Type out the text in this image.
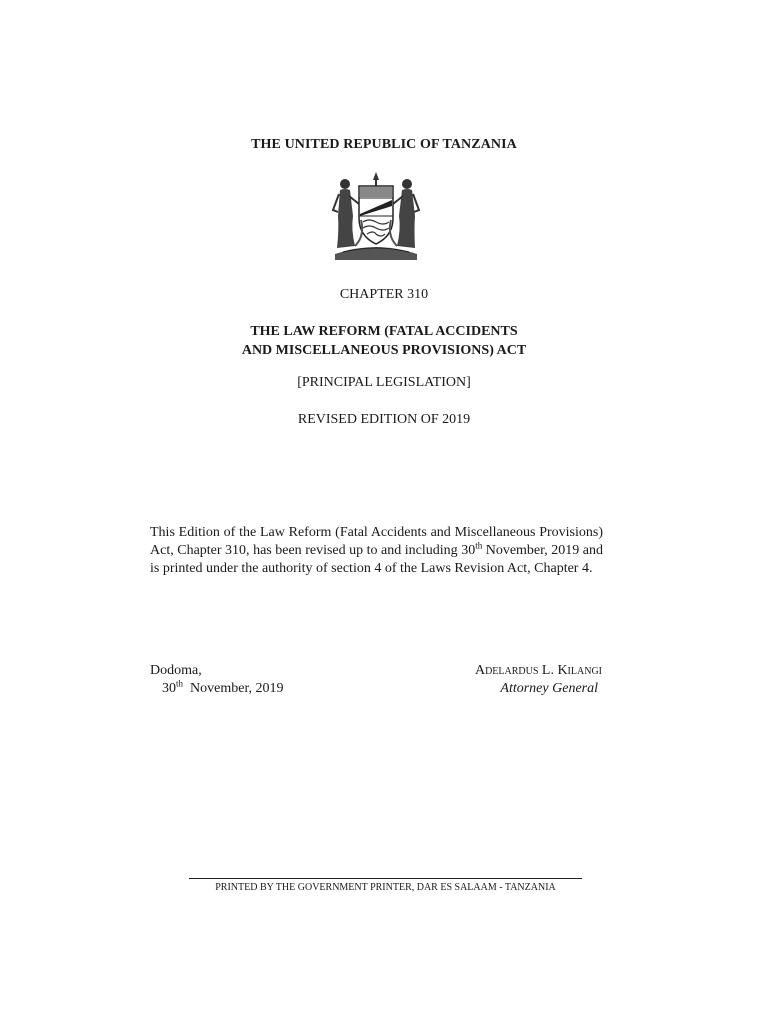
THE UNITED REPUBLIC OF TANZANIA
CHAPTER 310
THE LAW REFORM (FATAL ACCIDENTS
AND MISCELLANEOUS PROVISIONS) ACT
[PRINCIPAL LEGISLATION]
REVISED EDITION OF 2019
This Edition of the Law Reform (Fatal Accidents and Miscellaneous Provisions) Act, Chapter 310, has been revised up to and including 30th November, 2019 and is printed under the authority of section 4 of the Laws Revision Act, Chapter 4.
Dodoma,
30th  November, 2019
Adelardus L. Kilangi
Attorney General
PRINTED BY THE GOVERNMENT PRINTER, DAR ES SALAAM - TANZANIA
